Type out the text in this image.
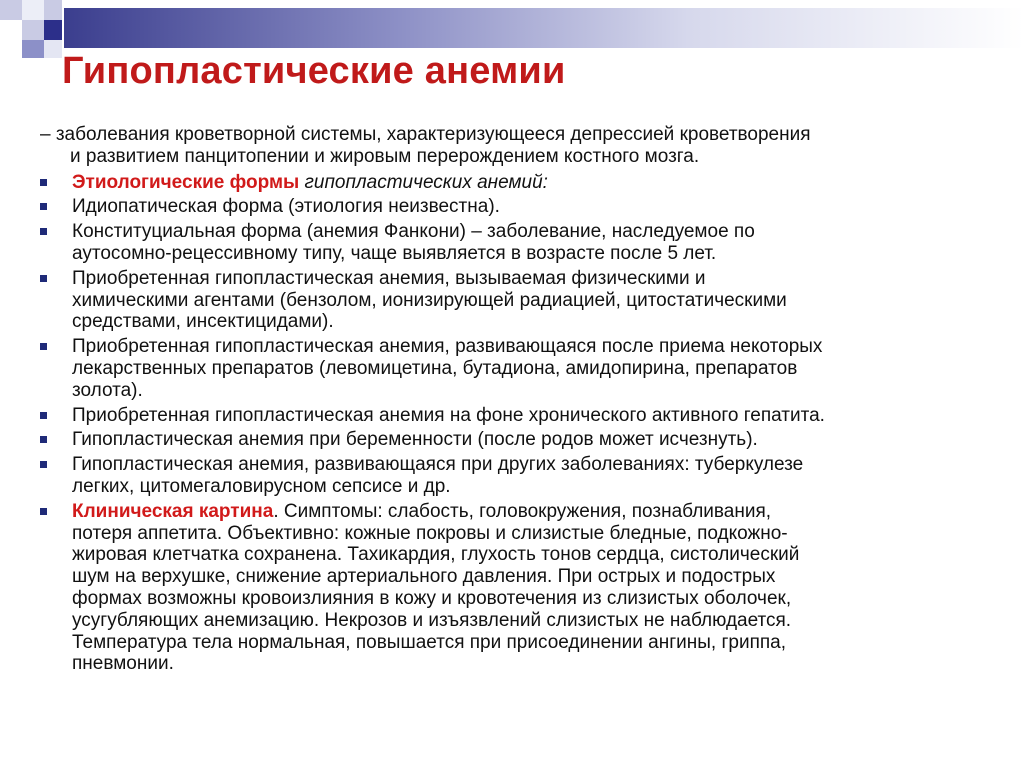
Гипопластические анемии
– заболевания кроветворной системы, характеризующееся депрессией кроветворения
и развитием панцитопении и жировым перерождением костного мозга.
Этиологические формы гипопластических анемий:
Идиопатическая форма (этиология неизвестна).
Конституциальная форма (анемия Фанкони) – заболевание, наследуемое по
аутосомно-рецессивному типу, чаще выявляется в возрасте после 5 лет.
Приобретенная гипопластическая анемия, вызываемая физическими и
химическими агентами (бензолом, ионизирующей радиацией, цитостатическими
средствами, инсектицидами).
Приобретенная гипопластическая анемия, развивающаяся после приема некоторых
лекарственных препаратов (левомицетина, бутадиона, амидопирина, препаратов
золота).
Приобретенная гипопластическая анемия на фоне хронического активного гепатита.
Гипопластическая анемия при беременности (после родов может исчезнуть).
Гипопластическая анемия, развивающаяся при других заболеваниях: туберкулезе
легких, цитомегаловирусном сепсисе и др.
Клиническая картина. Симптомы: слабость, головокружения, познабливания,
потеря аппетита. Объективно: кожные покровы и слизистые бледные, подкожно-
жировая клетчатка сохранена. Тахикардия, глухость тонов сердца, систолический
шум на верхушке, снижение артериального давления. При острых и подострых
формах возможны кровоизлияния в кожу и кровотечения из слизистых оболочек,
усугубляющих анемизацию. Некрозов и изъязвлений слизистых не наблюдается.
Температура тела нормальная, повышается при присоединении ангины, гриппа,
пневмонии.
